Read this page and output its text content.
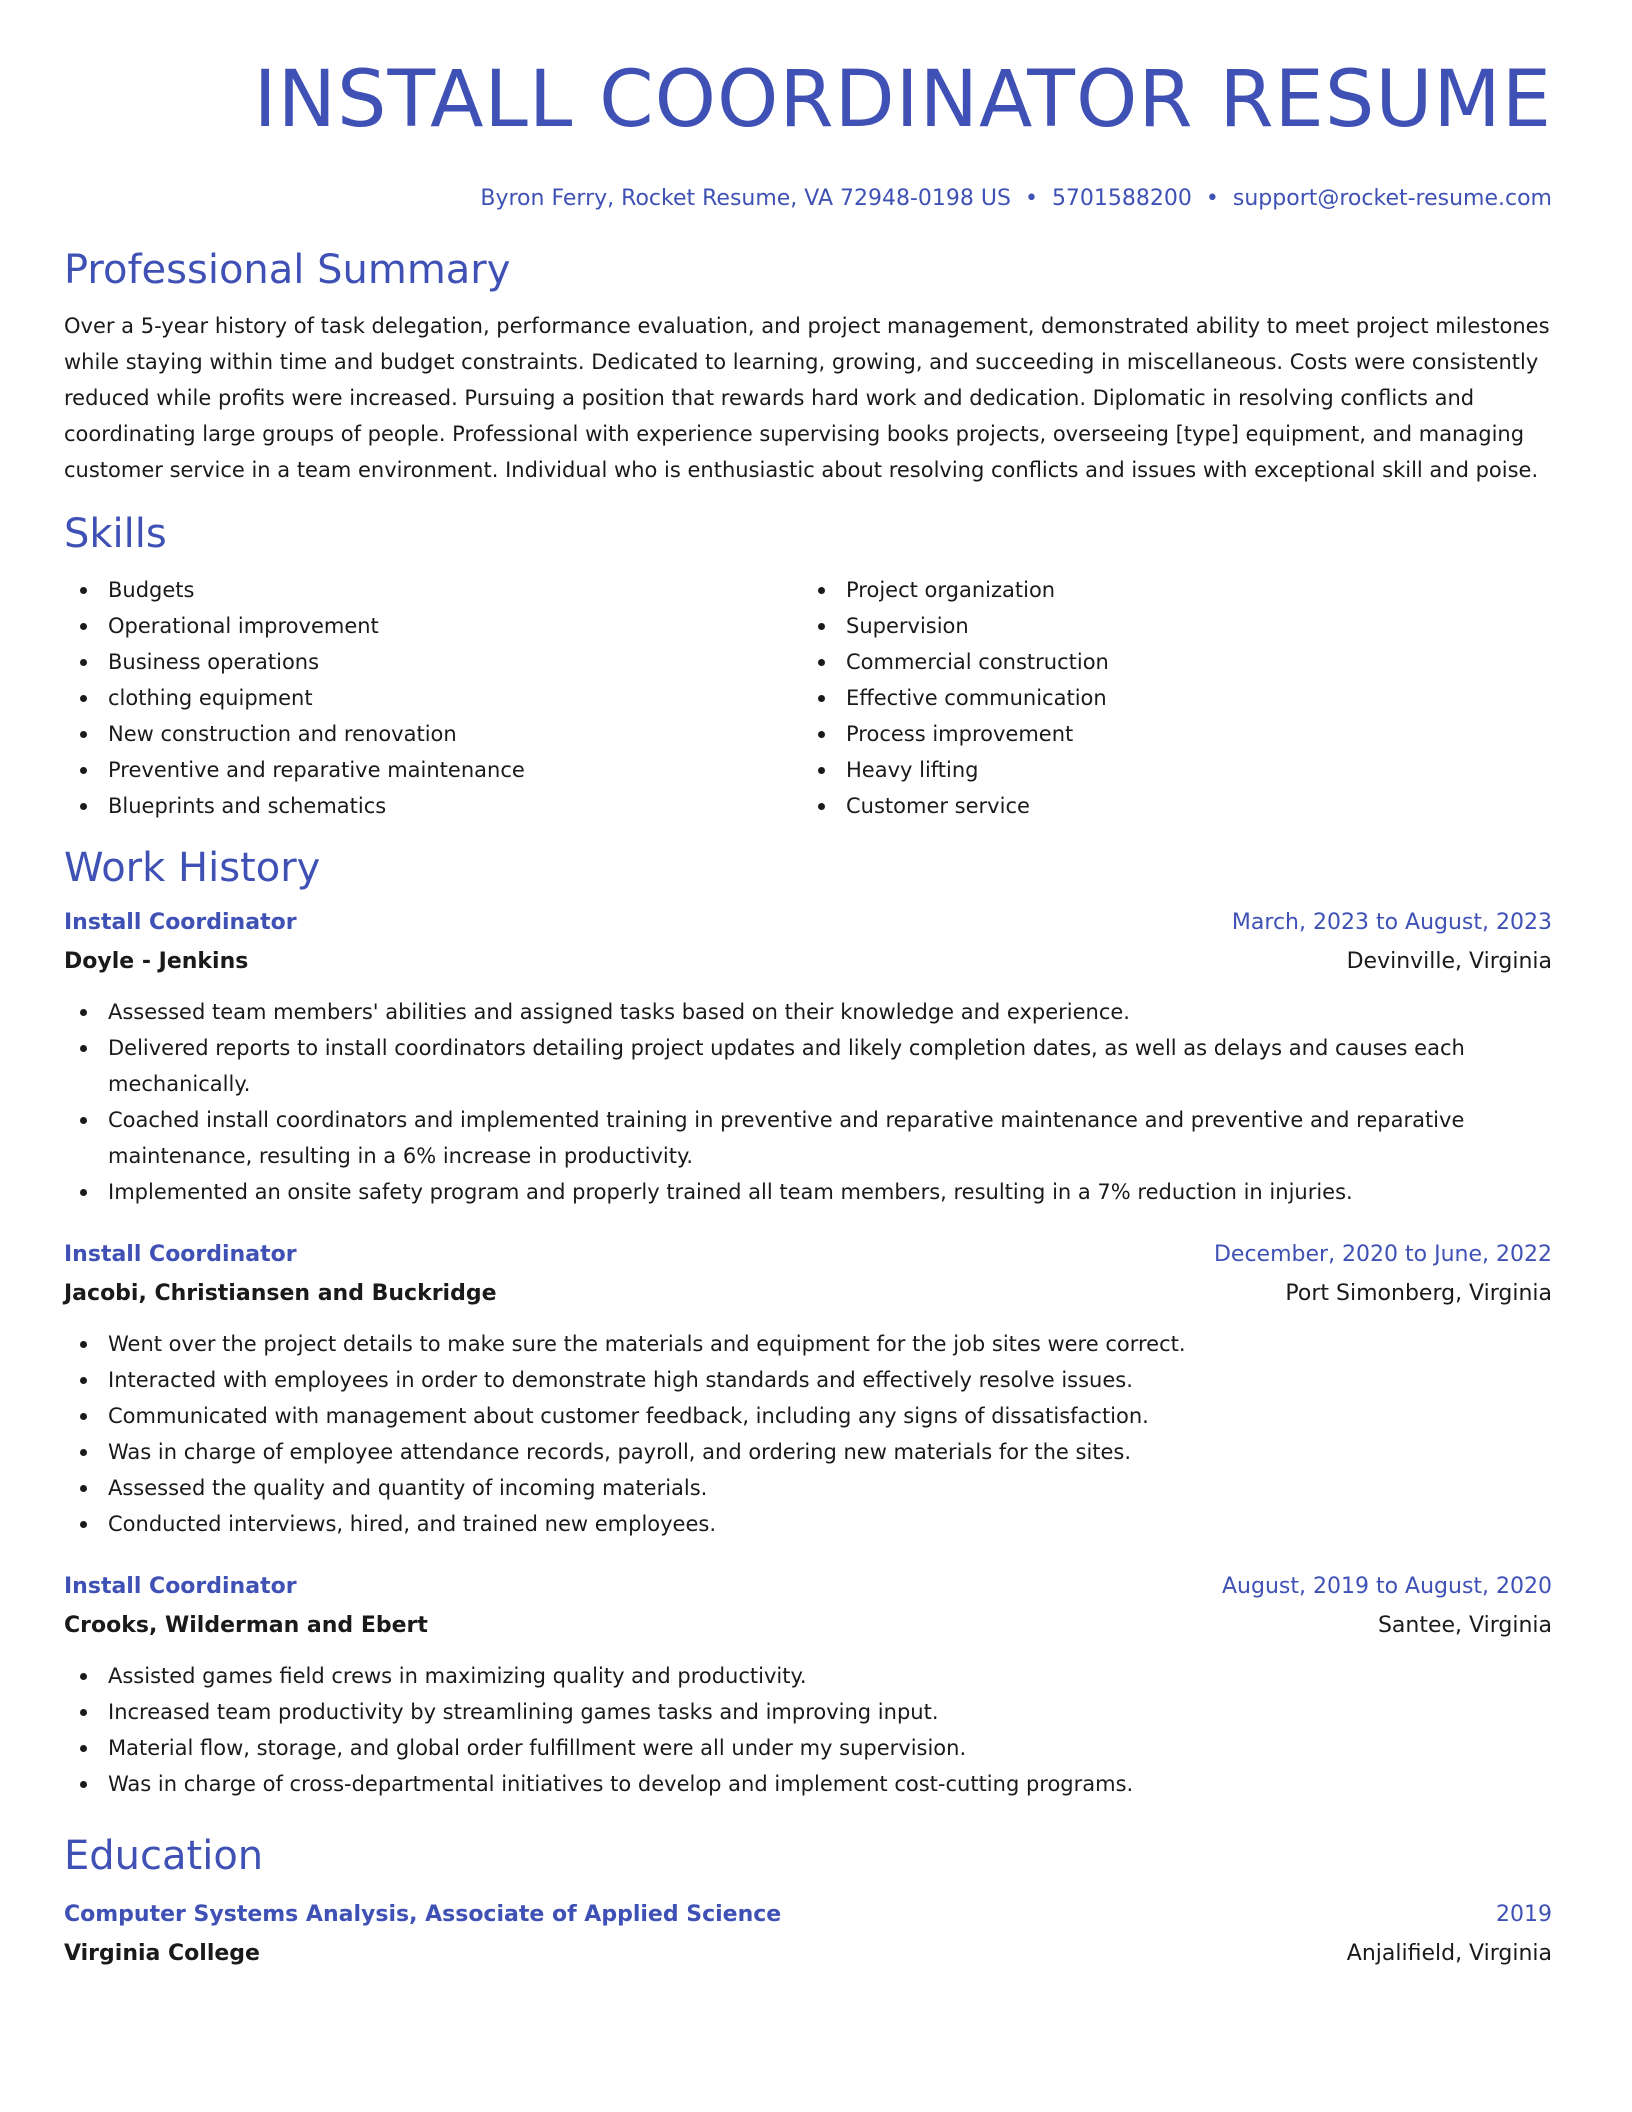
INSTALL COORDINATOR RESUME
Byron Ferry, Rocket Resume, VA 72948-0198 US • 5701588200 • support@rocket-resume.com
Professional Summary

Over a 5-year history of task delegation, performance evaluation, and project management, demonstrated ability to meet project milestones while staying within time and budget constraints. Dedicated to learning, growing, and succeeding in miscellaneous. Costs were consistently reduced while profits were increased. Pursuing a position that rewards hard work and dedication. Diplomatic in resolving conflicts and coordinating large groups of people. Professional with experience supervising books projects, overseeing [type] equipment, and managing customer service in a team environment. Individual who is enthusiastic about resolving conflicts and issues with exceptional skill and poise.

Skills
Budgets
Operational improvement
Business operations
clothing equipment
New construction and renovation
Preventive and reparative maintenance
Blueprints and schematics
Project organization
Supervision
Commercial construction
Effective communication
Process improvement
Heavy lifting
Customer service
Work History
Install Coordinator	March, 2023 to August, 2023
Doyle - Jenkins	Devinville, Virginia
Assessed team members' abilities and assigned tasks based on their knowledge and experience.
Delivered reports to install coordinators detailing project updates and likely completion dates, as well as delays and causes each mechanically.
Coached install coordinators and implemented training in preventive and reparative maintenance and preventive and reparative maintenance, resulting in a 6% increase in productivity.
Implemented an onsite safety program and properly trained all team members, resulting in a 7% reduction in injuries.
Install Coordinator	December, 2020 to June, 2022
Jacobi, Christiansen and Buckridge	Port Simonberg, Virginia
Went over the project details to make sure the materials and equipment for the job sites were correct.
Interacted with employees in order to demonstrate high standards and effectively resolve issues.
Communicated with management about customer feedback, including any signs of dissatisfaction.
Was in charge of employee attendance records, payroll, and ordering new materials for the sites.
Assessed the quality and quantity of incoming materials.
Conducted interviews, hired, and trained new employees.
Install Coordinator	August, 2019 to August, 2020
Crooks, Wilderman and Ebert	Santee, Virginia
Assisted games field crews in maximizing quality and productivity.
Increased team productivity by streamlining games tasks and improving input.
Material flow, storage, and global order fulfillment were all under my supervision.
Was in charge of cross-departmental initiatives to develop and implement cost-cutting programs.
Education
Computer Systems Analysis, Associate of Applied Science	2019
Virginia College	Anjalifield, Virginia
